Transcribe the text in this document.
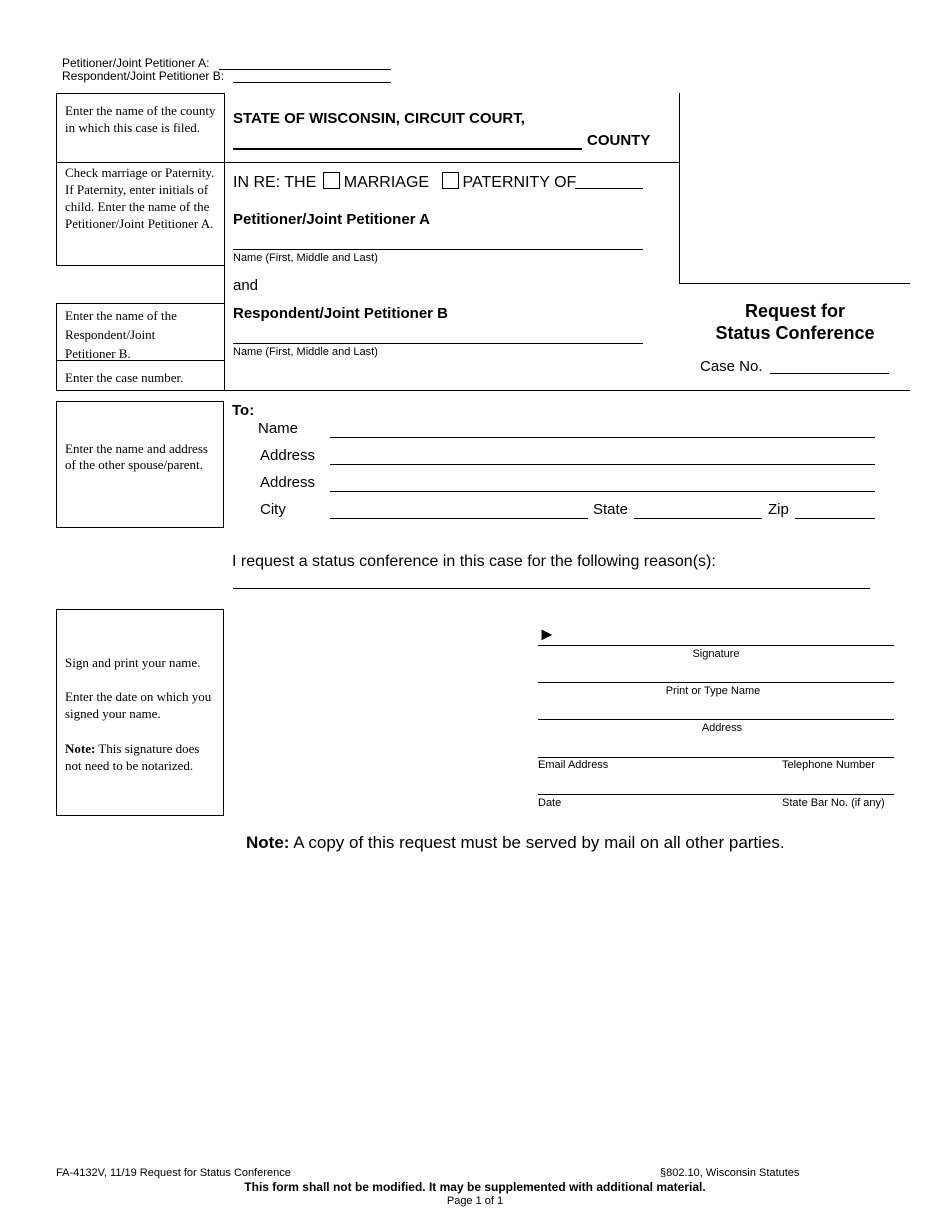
Petitioner/Joint Petitioner A:
Respondent/Joint Petitioner B:
Enter the name of the county in which this case is filed.
Check marriage or Paternity. If Paternity, enter initials of child. Enter the name of the Petitioner/Joint Petitioner A.
Enter the name of the Respondent/Joint Petitioner B.
Enter the case number.
STATE OF WISCONSIN, CIRCUIT COURT,
COUNTY
IN RE: THE MARRIAGE PATERNITY OF
Petitioner/Joint Petitioner A
Name (First, Middle and Last)
and
Respondent/Joint Petitioner B
Name (First, Middle and Last)
Request for
Status Conference
Case No.
Enter the name and address of the other spouse/parent.
To:
Name
Address
Address
City	State	Zip
I request a status conference in this case for the following reason(s):
Sign and print your name.
Enter the date on which you signed your name.
Note: This signature does not need to be notarized.
►
Signature
Print or Type Name
Address
Email Address	Telephone Number
Date	State Bar No. (if any)
Note: A copy of this request must be served by mail on all other parties.
FA-4132V, 11/19 Request for Status Conference	§802.10, Wisconsin Statutes
This form shall not be modified. It may be supplemented with additional material.
Page 1 of 1
